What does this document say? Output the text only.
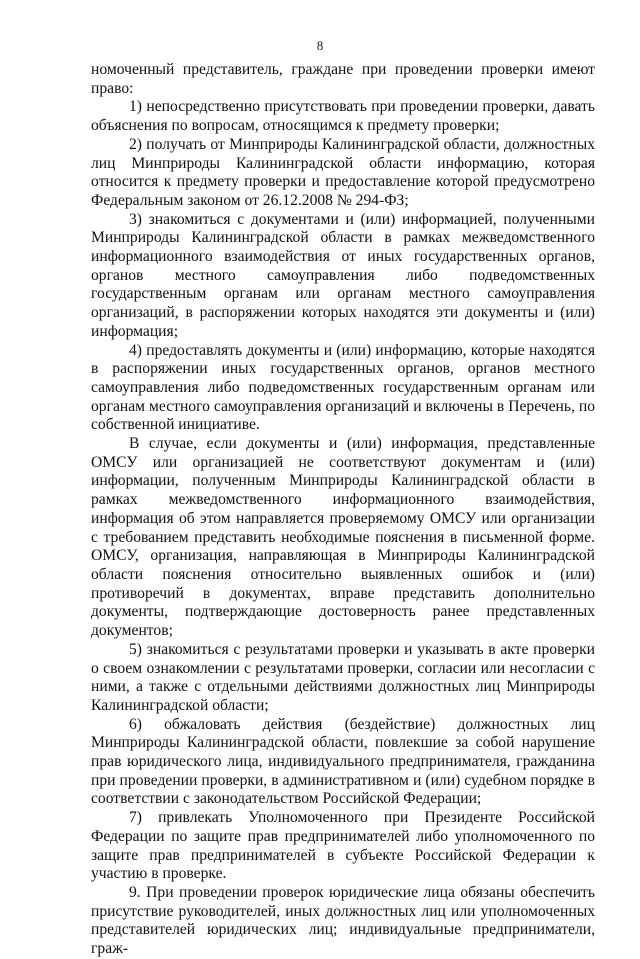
8

номоченный представитель, граждане при проведении проверки имеют право:

1) непосредственно присутствовать при проведении проверки, давать объяснения по вопросам, относящимся к предмету проверки;

2) получать от Минприроды Калининградской области, должностных лиц Минприроды Калининградской области информацию, которая относится к предмету проверки и предоставление которой предусмотрено Федеральным законом от 26.12.2008 № 294-ФЗ;

3) знакомиться с документами и (или) информацией, полученными Минприроды Калининградской области в рамках межведомственного информационного взаимодействия от иных государственных органов, органов местного самоуправления либо подведомственных государственным органам или органам местного самоуправления организаций, в распоряжении которых находятся эти документы и (или) информация;

4) предоставлять документы и (или) информацию, которые находятся в распоряжении иных государственных органов, органов местного самоуправления либо подведомственных государственным органам или органам местного самоуправления организаций и включены в Перечень, по собственной инициативе.

В случае, если документы и (или) информация, представленные ОМСУ или организацией не соответствуют документам и (или) информации, полученным Минприроды Калининградской области в рамках межведомственного информационного взаимодействия, информация об этом направляется проверяемому ОМСУ или организации с требованием представить необходимые пояснения в письменной форме. ОМСУ, организация, направляющая в Минприроды Калининградской области пояснения относительно выявленных ошибок и (или) противоречий в документах, вправе представить дополнительно документы, подтверждающие достоверность ранее представленных документов;

5) знакомиться с результатами проверки и указывать в акте проверки о своем ознакомлении с результатами проверки, согласии или несогласии с ними, а также с отдельными действиями должностных лиц Минприроды Калининградской области;

6) обжаловать действия (бездействие) должностных лиц Минприроды Калининградской области, повлекшие за собой нарушение прав юридического лица, индивидуального предпринимателя, гражданина при проведении проверки, в административном и (или) судебном порядке в соответствии с законодательством Российской Федерации;

7) привлекать Уполномоченного при Президенте Российской Федерации по защите прав предпринимателей либо уполномоченного по защите прав предпринимателей в субъекте Российской Федерации к участию в проверке.

9. При проведении проверок юридические лица обязаны обеспечить присутствие руководителей, иных должностных лиц или уполномоченных представителей юридических лиц; индивидуальные предприниматели, граж-
